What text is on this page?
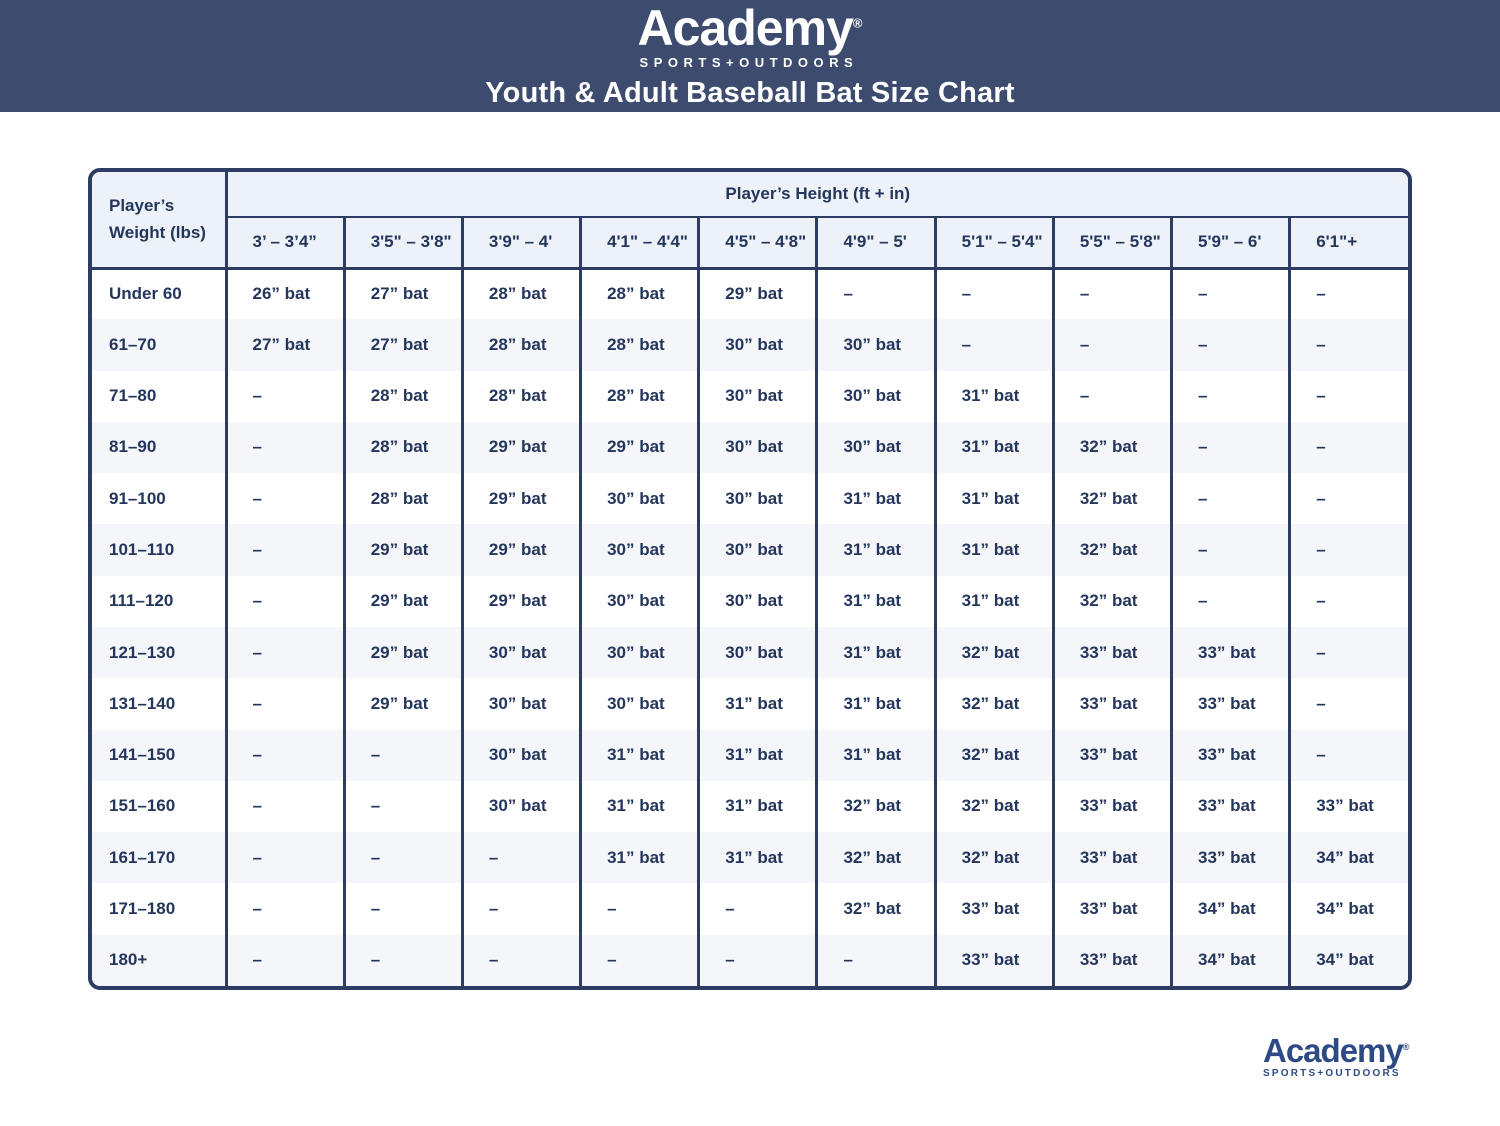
Academy®
SPORTS+OUTDOORS
Youth & Adult Baseball Bat Size Chart
Player’s Weight (lbs)	Player’s Height (ft + in)									
	3’ – 3’4”	3'5" – 3'8"	3'9" – 4'	4'1" – 4'4"	4'5" – 4'8"	4'9" – 5'	5'1" – 5'4"	5'5" – 5'8"	5'9" – 6'	6'1"+
Under 60	26” bat	27” bat	28” bat	28” bat	29” bat	–	–	–	–	–
61–70	27” bat	27” bat	28” bat	28” bat	30” bat	30” bat	–	–	–	–
71–80	–	28” bat	28” bat	28” bat	30” bat	30” bat	31” bat	–	–	–
81–90	–	28” bat	29” bat	29” bat	30” bat	30” bat	31” bat	32” bat	–	–
91–100	–	28” bat	29” bat	30” bat	30” bat	31” bat	31” bat	32” bat	–	–
101–110	–	29” bat	29” bat	30” bat	30” bat	31” bat	31” bat	32” bat	–	–
111–120	–	29” bat	29” bat	30” bat	30” bat	31” bat	31” bat	32” bat	–	–
121–130	–	29” bat	30” bat	30” bat	30” bat	31” bat	32” bat	33” bat	33” bat	–
131–140	–	29” bat	30” bat	30” bat	31” bat	31” bat	32” bat	33” bat	33” bat	–
141–150	–	–	30” bat	31” bat	31” bat	31” bat	32” bat	33” bat	33” bat	–
151–160	–	–	30” bat	31” bat	31” bat	32” bat	32” bat	33” bat	33” bat	33” bat
161–170	–	–	–	31” bat	31” bat	32” bat	32” bat	33” bat	33” bat	34” bat
171–180	–	–	–	–	–	32” bat	33” bat	33” bat	34” bat	34” bat
180+	–	–	–	–	–	–	33” bat	33” bat	34” bat	34” bat
Academy®
SPORTS+OUTDOORS
